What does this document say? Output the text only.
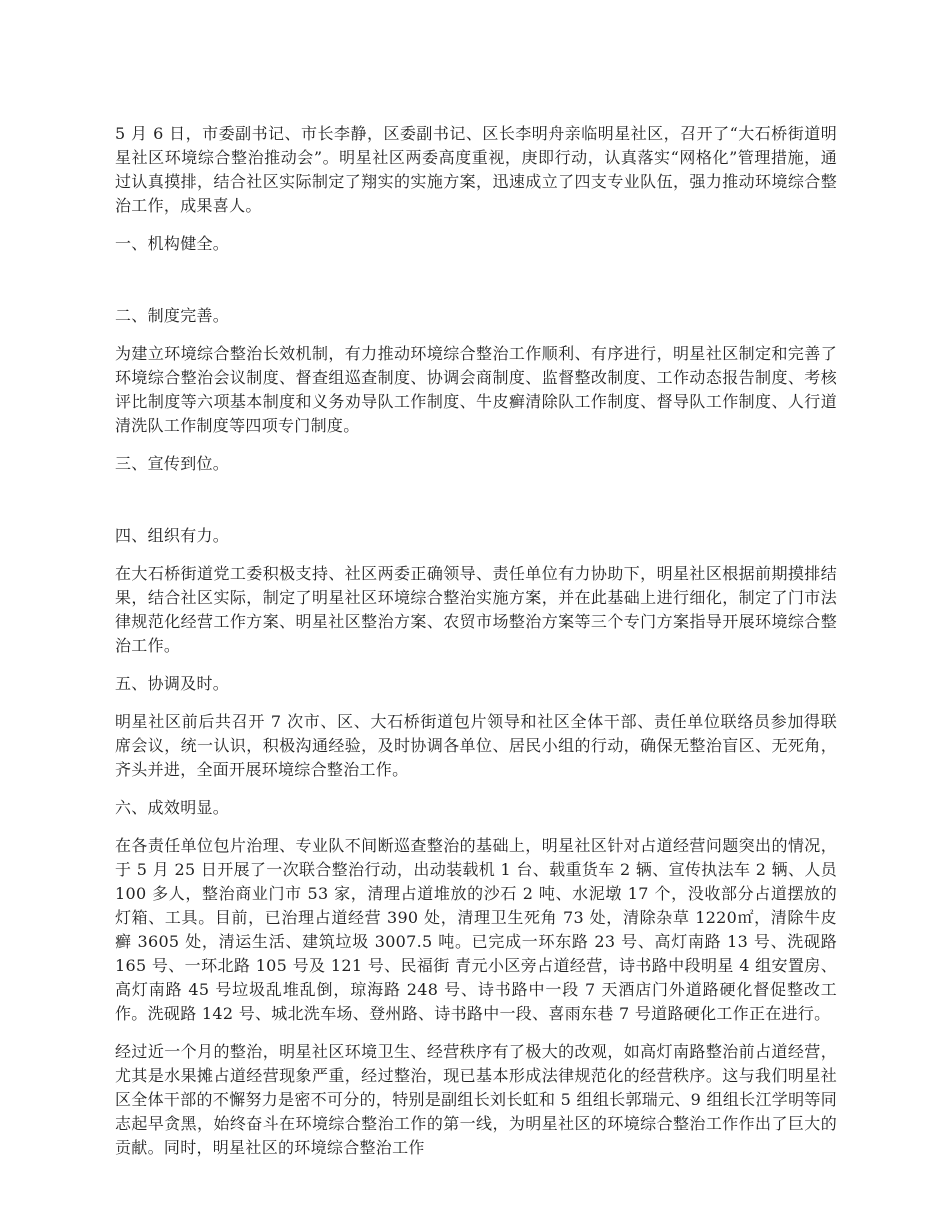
5 月 6 日，市委副书记、市长李静，区委副书记、区长李明舟亲临明星社区，召开了“大石桥街道明星社区环境综合整治推动会”。明星社区两委高度重视，庚即行动，认真落实“网格化”管理措施，通过认真摸排，结合社区实际制定了翔实的实施方案，迅速成立了四支专业队伍，强力推动环境综合整治工作，成果喜人。

一、机构健全。

二、制度完善。

为建立环境综合整治长效机制，有力推动环境综合整治工作顺利、有序进行，明星社区制定和完善了环境综合整治会议制度、督查组巡查制度、协调会商制度、监督整改制度、工作动态报告制度、考核评比制度等六项基本制度和义务劝导队工作制度、牛皮癣清除队工作制度、督导队工作制度、人行道清洗队工作制度等四项专门制度。

三、宣传到位。

四、组织有力。

在大石桥街道党工委积极支持、社区两委正确领导、责任单位有力协助下，明星社区根据前期摸排结果，结合社区实际，制定了明星社区环境综合整治实施方案，并在此基础上进行细化，制定了门市法律规范化经营工作方案、明星社区整治方案、农贸市场整治方案等三个专门方案指导开展环境综合整治工作。

五、协调及时。

明星社区前后共召开 7 次市、区、大石桥街道包片领导和社区全体干部、责任单位联络员参加得联席会议，统一认识，积极沟通经验，及时协调各单位、居民小组的行动，确保无整治盲区、无死角，齐头并进，全面开展环境综合整治工作。

六、成效明显。

在各责任单位包片治理、专业队不间断巡查整治的基础上，明星社区针对占道经营问题突出的情况，于 5 月 25 日开展了一次联合整治行动，出动装载机 1 台、载重货车 2 辆、宣传执法车 2 辆、人员 100 多人，整治商业门市 53 家，清理占道堆放的沙石 2 吨、水泥墩 17 个，没收部分占道摆放的灯箱、工具。目前，已治理占道经营 390 处，清理卫生死角 73 处，清除杂草 1220㎡，清除牛皮癣 3605 处，清运生活、建筑垃圾 3007.5 吨。已完成一环东路 23 号、高灯南路 13 号、洗砚路 165 号、一环北路 105 号及 121 号、民福街 青元小区旁占道经营，诗书路中段明星 4 组安置房、高灯南路 45 号垃圾乱堆乱倒，琼海路 248 号、诗书路中一段 7 天酒店门外道路硬化督促整改工作。洗砚路 142 号、城北洗车场、登州路、诗书路中一段、喜雨东巷 7 号道路硬化工作正在进行。

经过近一个月的整治，明星社区环境卫生、经营秩序有了极大的改观，如高灯南路整治前占道经营，尤其是水果摊占道经营现象严重，经过整治，现已基本形成法律规范化的经营秩序。这与我们明星社区全体干部的不懈努力是密不可分的，特别是副组长刘长虹和 5 组组长郭瑞元、9 组组长江学明等同志起早贪黑，始终奋斗在环境综合整治工作的第一线，为明星社区的环境综合整治工作作出了巨大的贡献。同时，明星社区的环境综合整治工作
